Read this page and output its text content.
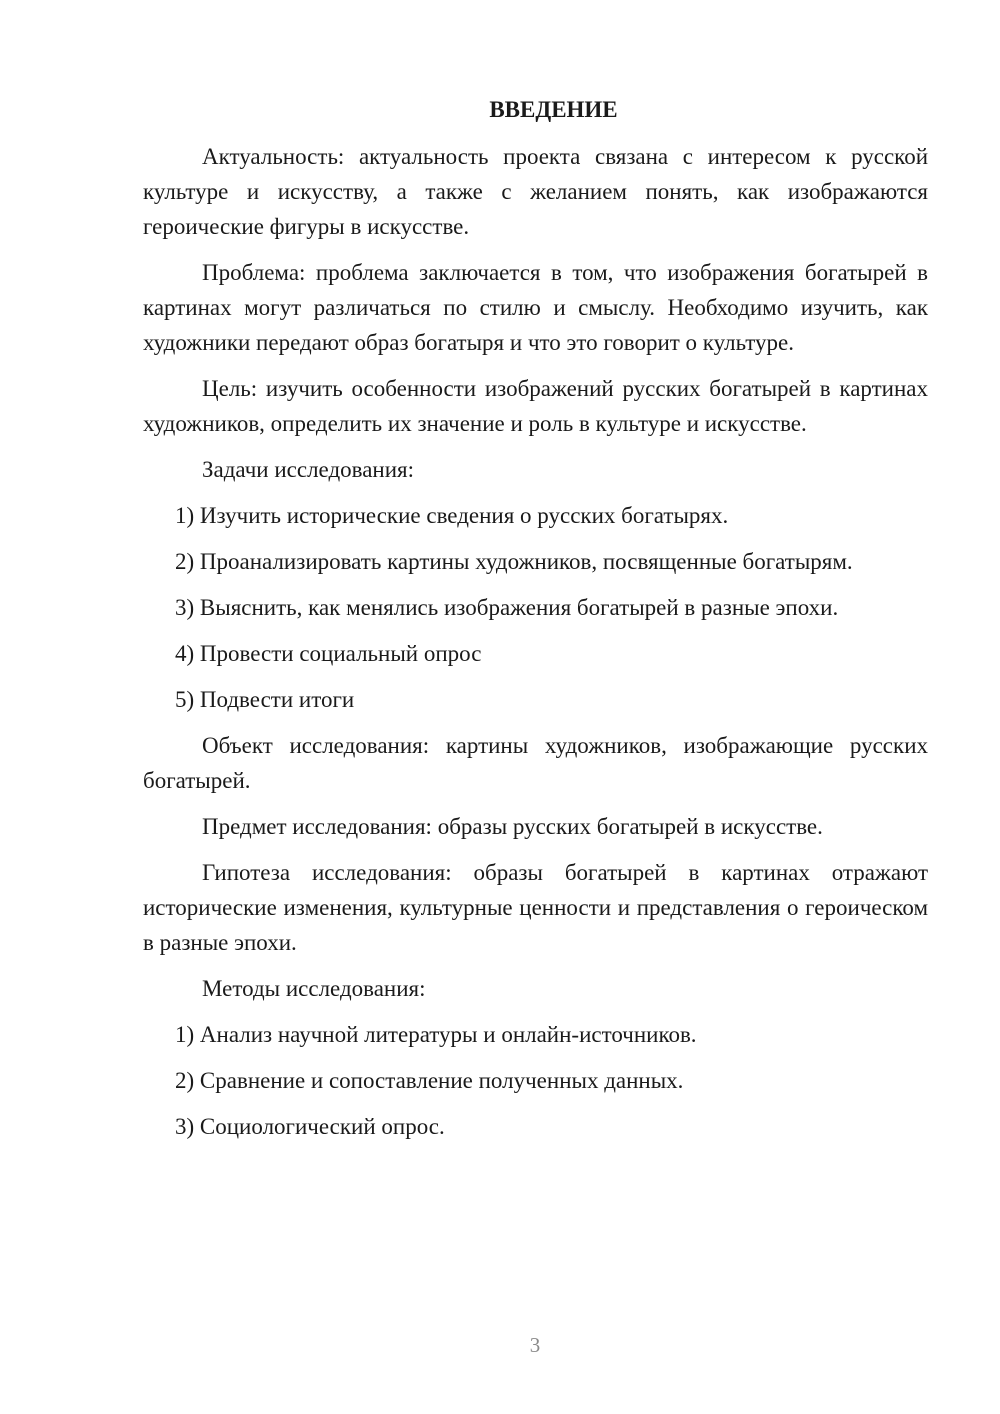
ВВЕДЕНИЕ

Актуальность: актуальность проекта связана с интересом к русской культуре и искусству, а также с желанием понять, как изображаются героические фигуры в искусстве.

Проблема: проблема заключается в том, что изображения богатырей в картинах могут различаться по стилю и смыслу. Необходимо изучить, как художники передают образ богатыря и что это говорит о культуре.

Цель: изучить особенности изображений русских богатырей в картинах художников, определить их значение и роль в культуре и искусстве.

Задачи исследования:

1) Изучить исторические сведения о русских богатырях.
2) Проанализировать картины художников, посвященные богатырям.
3) Выяснить, как менялись изображения богатырей в разные эпохи.
4) Провести социальный опрос
5) Подвести итоги

Объект исследования: картины художников, изображающие русских богатырей.

Предмет исследования: образы русских богатырей в искусстве.

Гипотеза исследования: образы богатырей в картинах отражают исторические изменения, культурные ценности и представления о героическом в разные эпохи.

Методы исследования:

1) Анализ научной литературы и онлайн-источников.
2) Сравнение и сопоставление полученных данных.
3) Социологический опрос.
3
